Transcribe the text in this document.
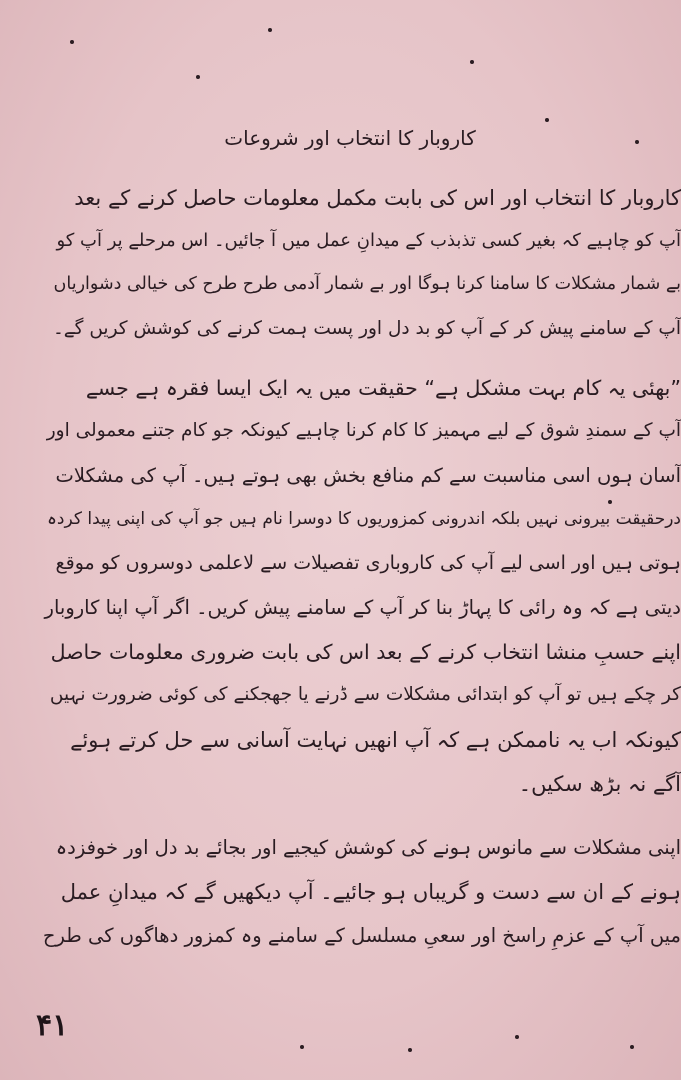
کاروبار کا انتخاب اور شروعات
کاروبار کا انتخاب اور اس کی بابت مکمل معلومات حاصل کرنے کے بعد
آپ کو چاہیے کہ بغیر کسی تذبذب کے میدانِ عمل میں آ جائیں۔ اس مرحلے پر آپ کو
بے شمار مشکلات کا سامنا کرنا ہوگا اور بے شمار آدمی طرح طرح کی خیالی دشواریاں
آپ کے سامنے پیش کر کے آپ کو بد دل اور پست ہمت کرنے کی کوشش کریں گے۔
”بھئی یہ کام بہت مشکل ہے“ حقیقت میں یہ ایک ایسا فقرہ ہے جسے
آپ کے سمندِ شوق کے لیے مہمیز کا کام کرنا چاہیے کیونکہ جو کام جتنے معمولی اور
آسان ہوں اسی مناسبت سے کم منافع بخش بھی ہوتے ہیں۔ آپ کی مشکلات
درحقیقت بیرونی نہیں بلکہ اندرونی کمزوریوں کا دوسرا نام ہیں جو آپ کی اپنی پیدا کردہ
ہوتی ہیں اور اسی لیے آپ کی کاروباری تفصیلات سے لاعلمی دوسروں کو موقع
دیتی ہے کہ وہ رائی کا پہاڑ بنا کر آپ کے سامنے پیش کریں۔ اگر آپ اپنا کاروبار
اپنے حسبِ منشا انتخاب کرنے کے بعد اس کی بابت ضروری معلومات حاصل
کر چکے ہیں تو آپ کو ابتدائی مشکلات سے ڈرنے یا جھجکنے کی کوئی ضرورت نہیں
کیونکہ اب یہ ناممکن ہے کہ آپ انھیں نہایت آسانی سے حل کرتے ہوئے
آگے نہ بڑھ سکیں۔
اپنی مشکلات سے مانوس ہونے کی کوشش کیجیے اور بجائے بد دل اور خوفزدہ
ہونے کے ان سے دست و گریباں ہو جائیے۔ آپ دیکھیں گے کہ میدانِ عمل
میں آپ کے عزمِ راسخ اور سعیِ مسلسل کے سامنے وہ کمزور دھاگوں کی طرح
۴۱
